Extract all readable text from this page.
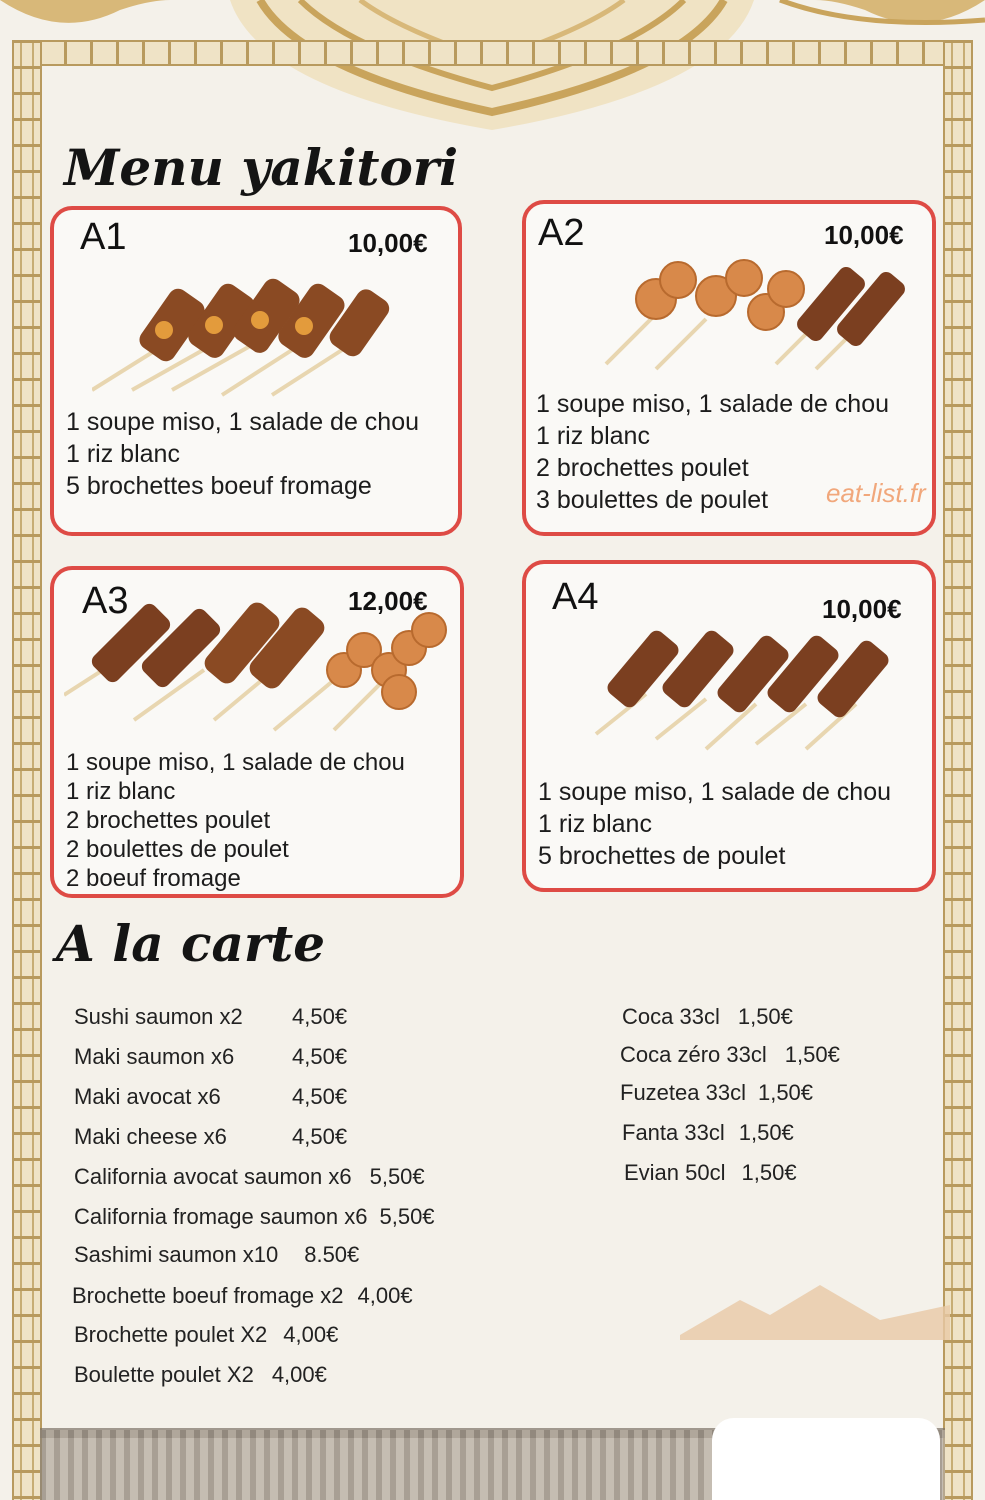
Menu yakitori
A1	10,00€
1 soupe miso, 1 salade de chou
1 riz blanc
5 brochettes boeuf fromage
A2	10,00€
1 soupe miso, 1 salade de chou
1 riz blanc
2 brochettes poulet
3 boulettes de poulet	eat-list.fr
A3	12,00€
1 soupe miso, 1 salade de chou
1 riz blanc
2 brochettes poulet
2 boulettes de poulet
2 boeuf fromage
A4	10,00€
1 soupe miso, 1 salade de chou
1 riz blanc
5 brochettes de poulet
A la carte
Sushi saumon x2 4,50€
Maki saumon x6	4,50€
Maki avocat x6	4,50€
Maki cheese x6	4,50€
California avocat saumon x6 5,50€
California fromage saumon x6 5,50€
Sashimi saumon x10 8.50€
Brochette boeuf fromage x2 4,00€
Brochette poulet X2 4,00€
Boulette poulet X2 4,00€
Coca 33cl 1,50€
Coca zéro 33cl 1,50€
Fuzetea 33cl 1,50€
Fanta 33cl 1,50€
Evian 50cl 1,50€
